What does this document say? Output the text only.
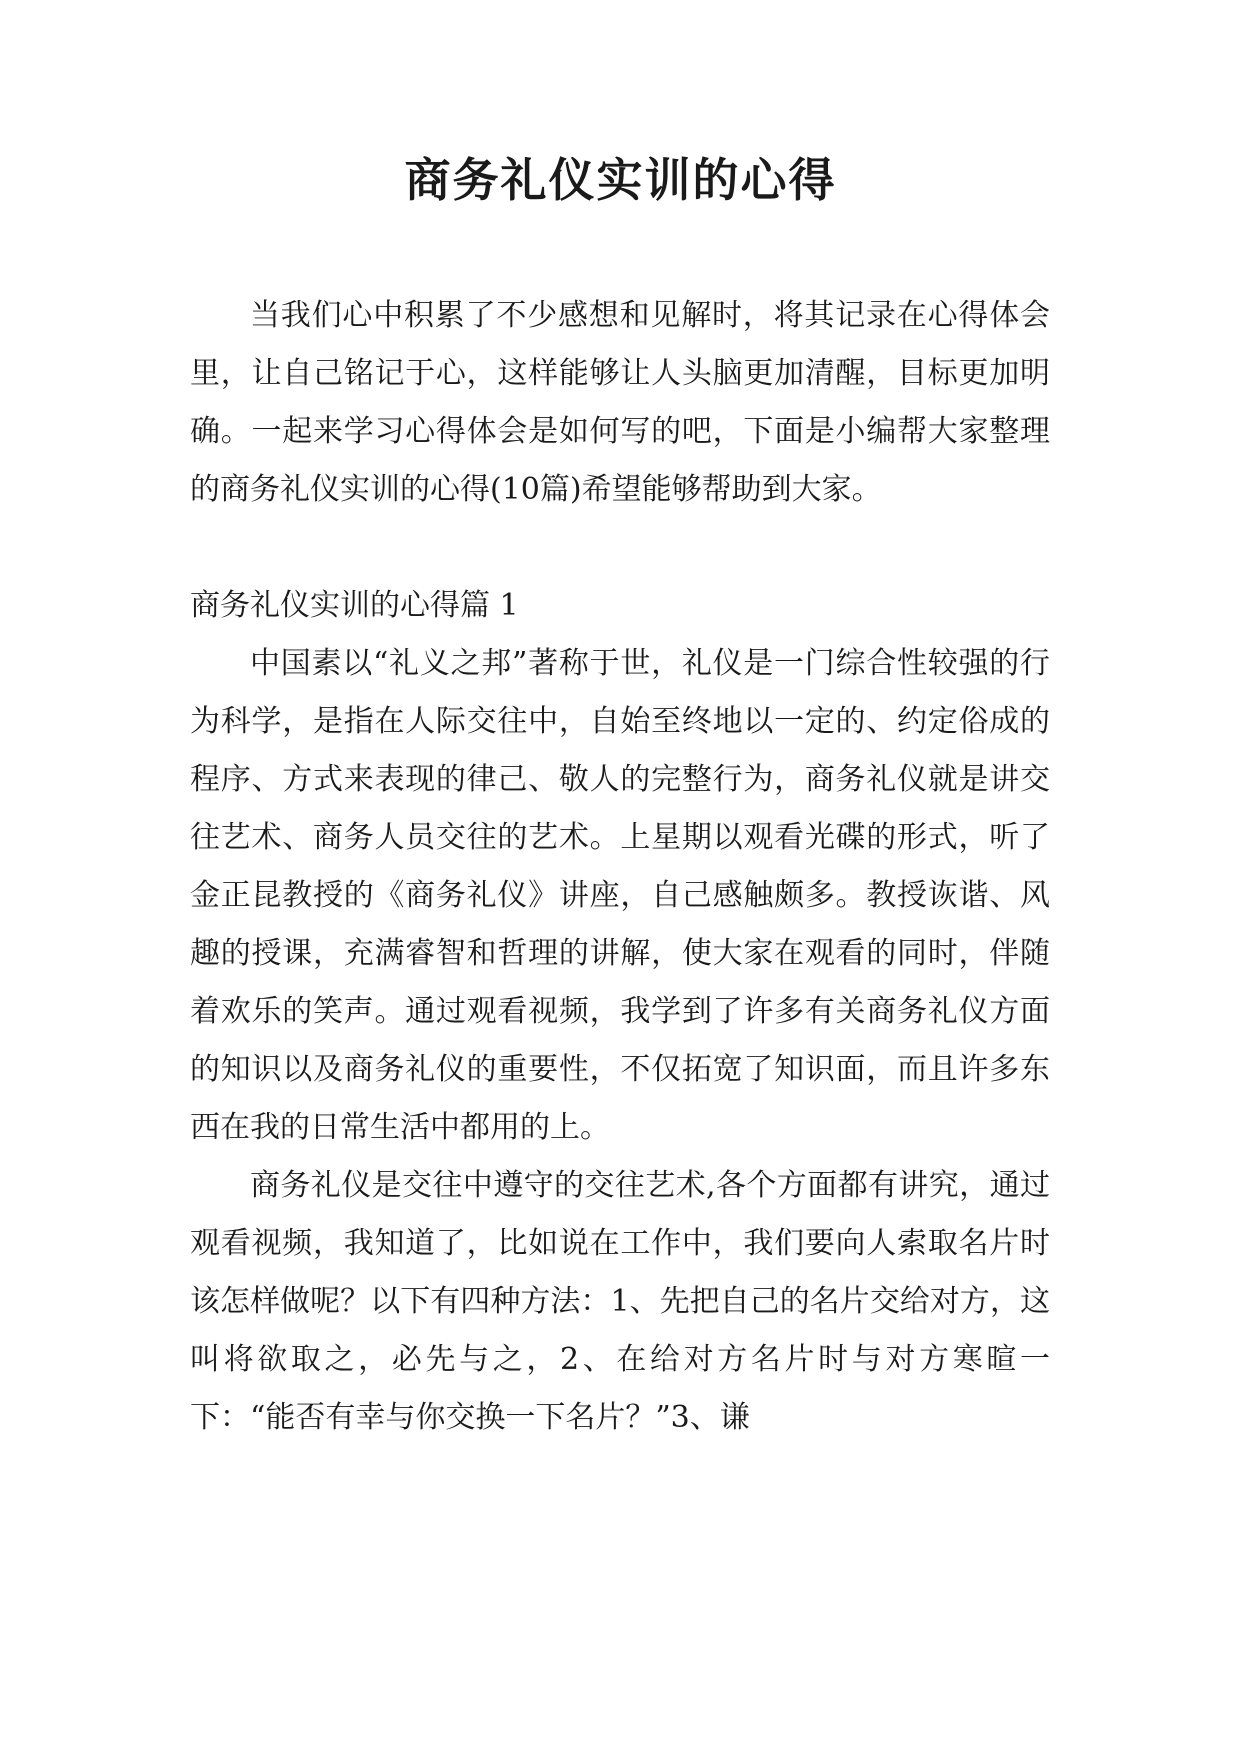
商务礼仪实训的心得

当我们心中积累了不少感想和见解时，将其记录在心得体会里，让自己铭记于心，这样能够让人头脑更加清醒，目标更加明确。一起来学习心得体会是如何写的吧，下面是小编帮大家整理的商务礼仪实训的心得(10篇)希望能够帮助到大家。

商务礼仪实训的心得篇 1

中国素以“礼义之邦”著称于世，礼仪是一门综合性较强的行为科学，是指在人际交往中，自始至终地以一定的、约定俗成的程序、方式来表现的律己、敬人的完整行为，商务礼仪就是讲交往艺术、商务人员交往的艺术。上星期以观看光碟的形式，听了金正昆教授的《商务礼仪》讲座，自己感触颇多。教授诙谐、风趣的授课，充满睿智和哲理的讲解，使大家在观看的同时，伴随着欢乐的笑声。通过观看视频，我学到了许多有关商务礼仪方面的知识以及商务礼仪的重要性，不仅拓宽了知识面，而且许多东西在我的日常生活中都用的上。

商务礼仪是交往中遵守的交往艺术,各个方面都有讲究，通过观看视频，我知道了，比如说在工作中，我们要向人索取名片时该怎样做呢？以下有四种方法：1、先把自己的名片交给对方，这叫将欲取之，必先与之，2、在给对方名片时与对方寒暄一下：“能否有幸与你交换一下名片？”3、谦
